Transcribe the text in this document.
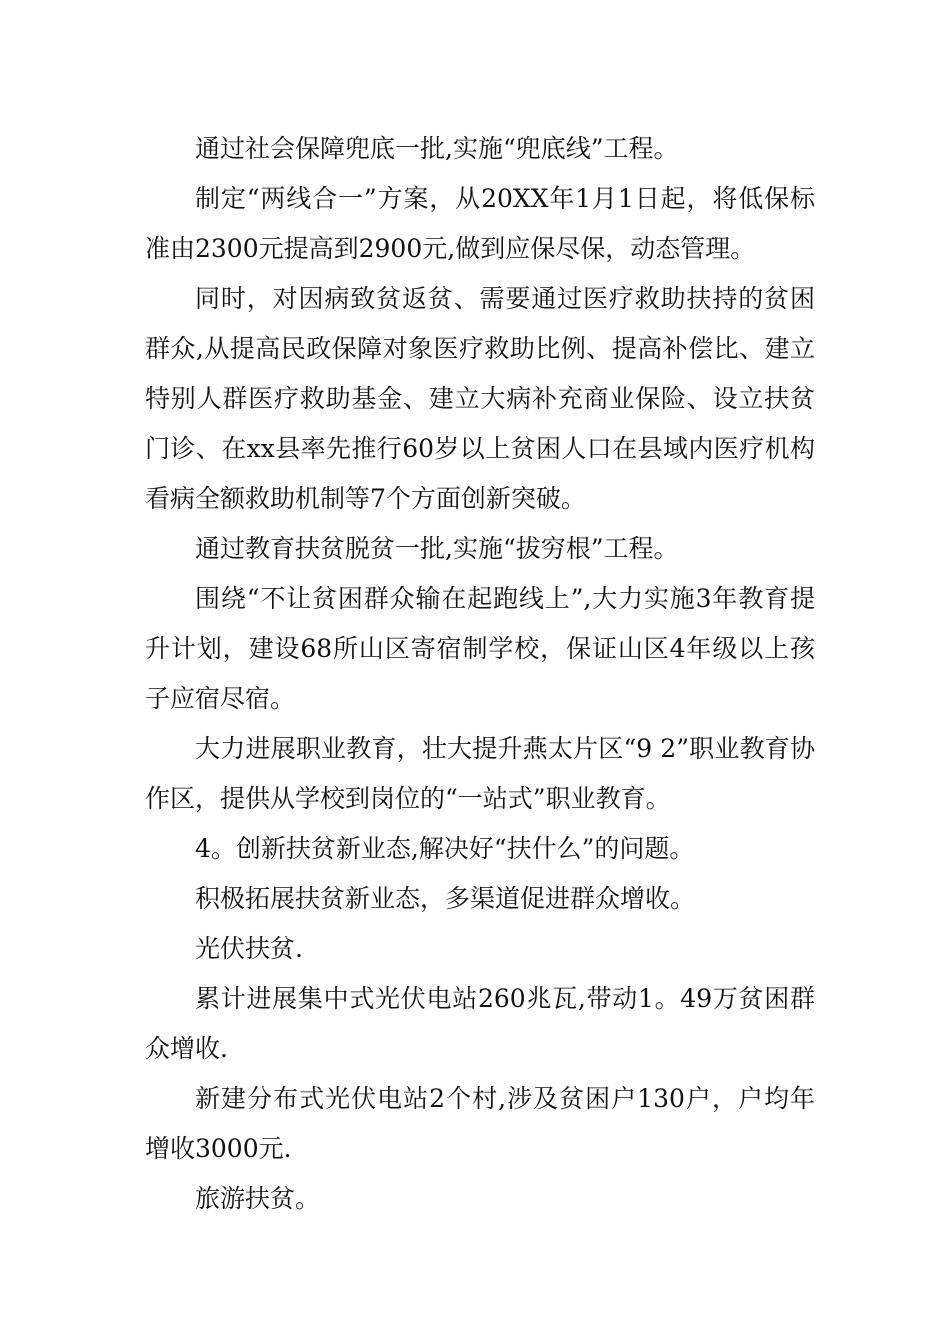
通过社会保障兜底一批,实施“兜底线”工程。

制定“两线合一”方案，从20XX年1月1日起，将低保标准由2300元提高到2900元,做到应保尽保，动态管理。

同时，对因病致贫返贫、需要通过医疗救助扶持的贫困群众,从提高民政保障对象医疗救助比例、提高补偿比、建立特别人群医疗救助基金、建立大病补充商业保险、设立扶贫门诊、在xx县率先推行60岁以上贫困人口在县域内医疗机构看病全额救助机制等7个方面创新突破。

通过教育扶贫脱贫一批,实施“拔穷根”工程。

围绕“不让贫困群众输在起跑线上”,大力实施3年教育提升计划，建设68所山区寄宿制学校，保证山区4年级以上孩子应宿尽宿。

大力进展职业教育，壮大提升燕太片区“9 2”职业教育协作区，提供从学校到岗位的“一站式”职业教育。

4。创新扶贫新业态,解决好“扶什么”的问题。

积极拓展扶贫新业态，多渠道促进群众增收。

光伏扶贫.

累计进展集中式光伏电站260兆瓦,带动1。49万贫困群众增收.

新建分布式光伏电站2个村,涉及贫困户130户，户均年增收3000元.

旅游扶贫。
